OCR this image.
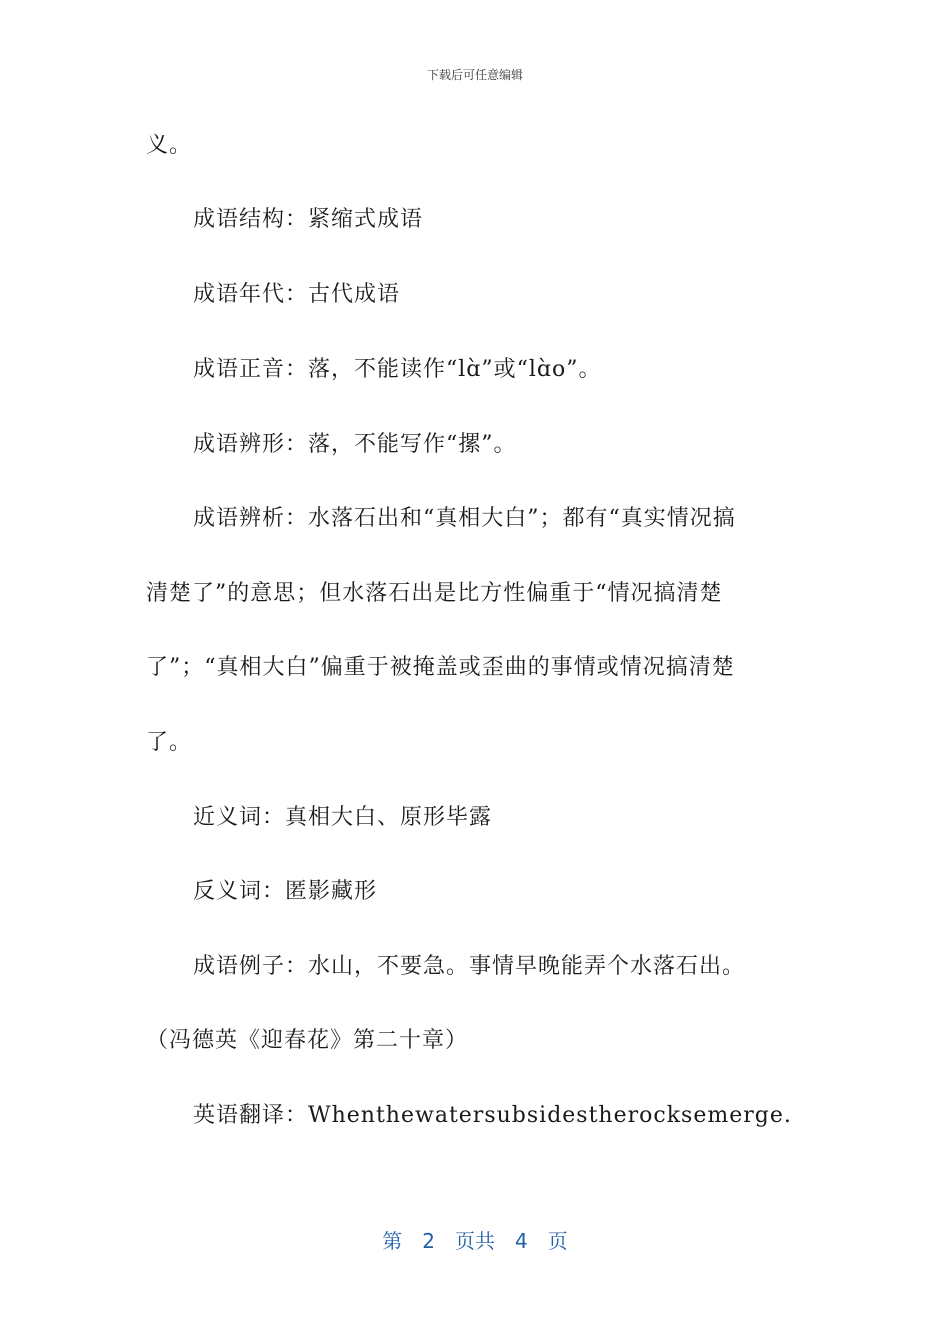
下载后可任意编辑
义。
成语结构：紧缩式成语
成语年代：古代成语
成语正音：落，不能读作“lɑ̀”或“lɑ̀o”。
成语辨形：落，不能写作“摞”。
成语辨析：水落石出和“真相大白”；都有“真实情况搞
清楚了”的意思；但水落石出是比方性偏重于“情况搞清楚
了”；“真相大白”偏重于被掩盖或歪曲的事情或情况搞清楚
了。
近义词：真相大白、原形毕露
反义词：匿影藏形
成语例子：水山，不要急。事情早晚能弄个水落石出。
（冯德英《迎春花》第二十章）
英语翻译：Whenthewatersubsidestherocksemerge.
第 2 页共 4 页
